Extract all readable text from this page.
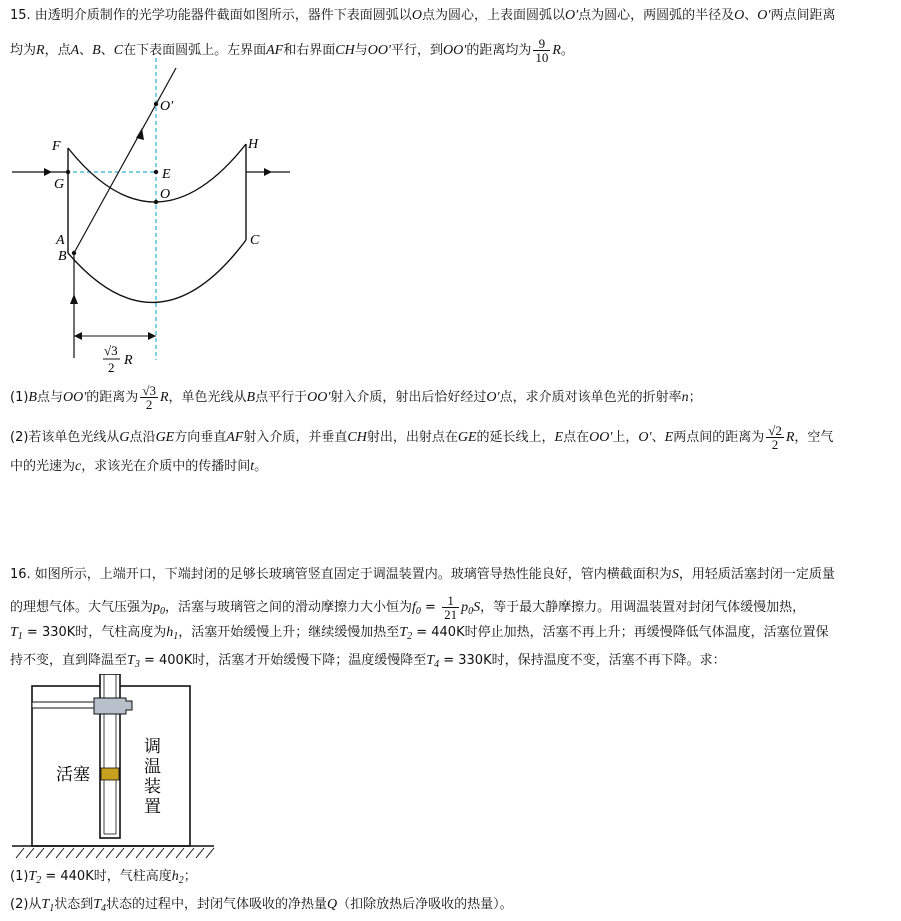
15. 由透明介质制作的光学功能器件截面如图所示，器件下表面圆弧以O点为圆心，上表面圆弧以O′点为圆心，两圆弧的半径及O、O′两点间距离
均为R，点A、B、C在下表面圆弧上。左界面AF和右界面CH与OO′平行，到OO′的距离均为 $\frac{9}{10}$ R。
O′
F	H
G
E
O
A
B
C
√3
2 R
(1)B点与OO′的距离为 $\frac{√3}{2}$ R，单色光线从B点平行于OO′射入介质，射出后恰好经过O′点，求介质对该单色光的折射率n；
(2)若该单色光线从G点沿GE方向垂直AF射入介质，并垂直CH射出，出射点在GE的延长线上，E点在OO′上，O′、E两点间的距离为 $\frac{√2}{2}$ R，空气
中的光速为c，求该光在介质中的传播时间t。
16. 如图所示，上端开口，下端封闭的足够长玻璃管竖直固定于调温装置内。玻璃管导热性能良好，管内横截面积为S，用轻质活塞封闭一定质量
的理想气体。大气压强为$p_0$，活塞与玻璃管之间的滑动摩擦力大小恒为$f_0 = \frac{1}{21} p_0S$，等于最大静摩擦力。用调温装置对封闭气体缓慢加热，
$T_1 = 330K$时，气柱高度为$h_1$，活塞开始缓慢上升；继续缓慢加热至$T_2 = 440K$时停止加热，活塞不再上升；再缓慢降低气体温度，活塞位置保
持不变，直到降温至$T_3 = 400K$时，活塞才开始缓慢下降；温度缓慢降至$T_4 = 330K$时，保持温度不变，活塞不再下降。求：
活塞
调
温
装
置
$(1)T_2 = 440K$时，气柱高度$h_2$；
(2)从$T_1$状态到$T_4$状态的过程中，封闭气体吸收的净热量Q（扣除放热后净吸收的热量）。
